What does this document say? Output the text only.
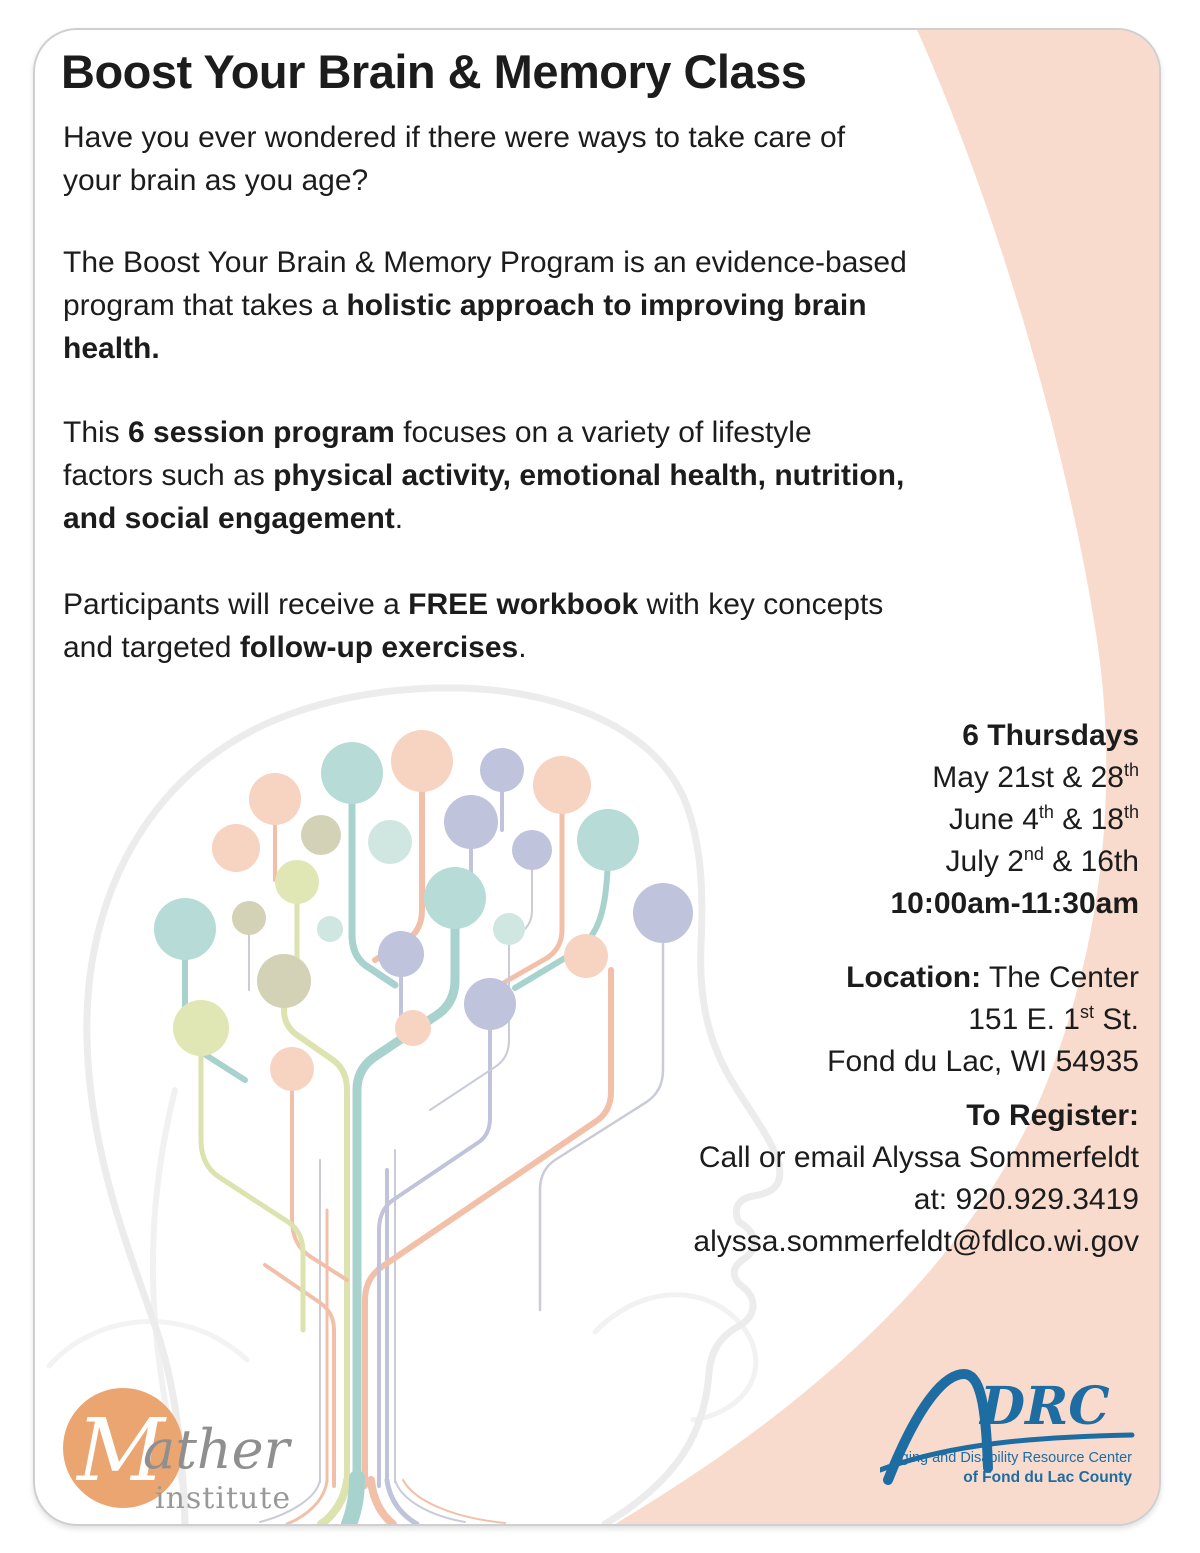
Boost Your Brain & Memory Class
Have you ever wondered if there were ways to take care of
your brain as you age?
The Boost Your Brain & Memory Program is an evidence-based
program that takes a holistic approach to improving brain
health.
This 6 session program focuses on a variety of lifestyle
factors such as physical activity, emotional health, nutrition,
and social engagement.
Participants will receive a FREE workbook with key concepts
and targeted follow-up exercises.
6 Thursdays
May 21st & 28th
June 4th & 18th
July 2nd & 16th
10:00am-11:30am
Location: The Center
151 E. 1st St.
Fond du Lac, WI 54935
To Register:
Call or email Alyssa Sommerfeldt
at: 920.929.3419
alyssa.sommerfeldt@fdlco.wi.gov
M ather
institute
DRC
Aging and Disability Resource Center
of Fond du Lac County
